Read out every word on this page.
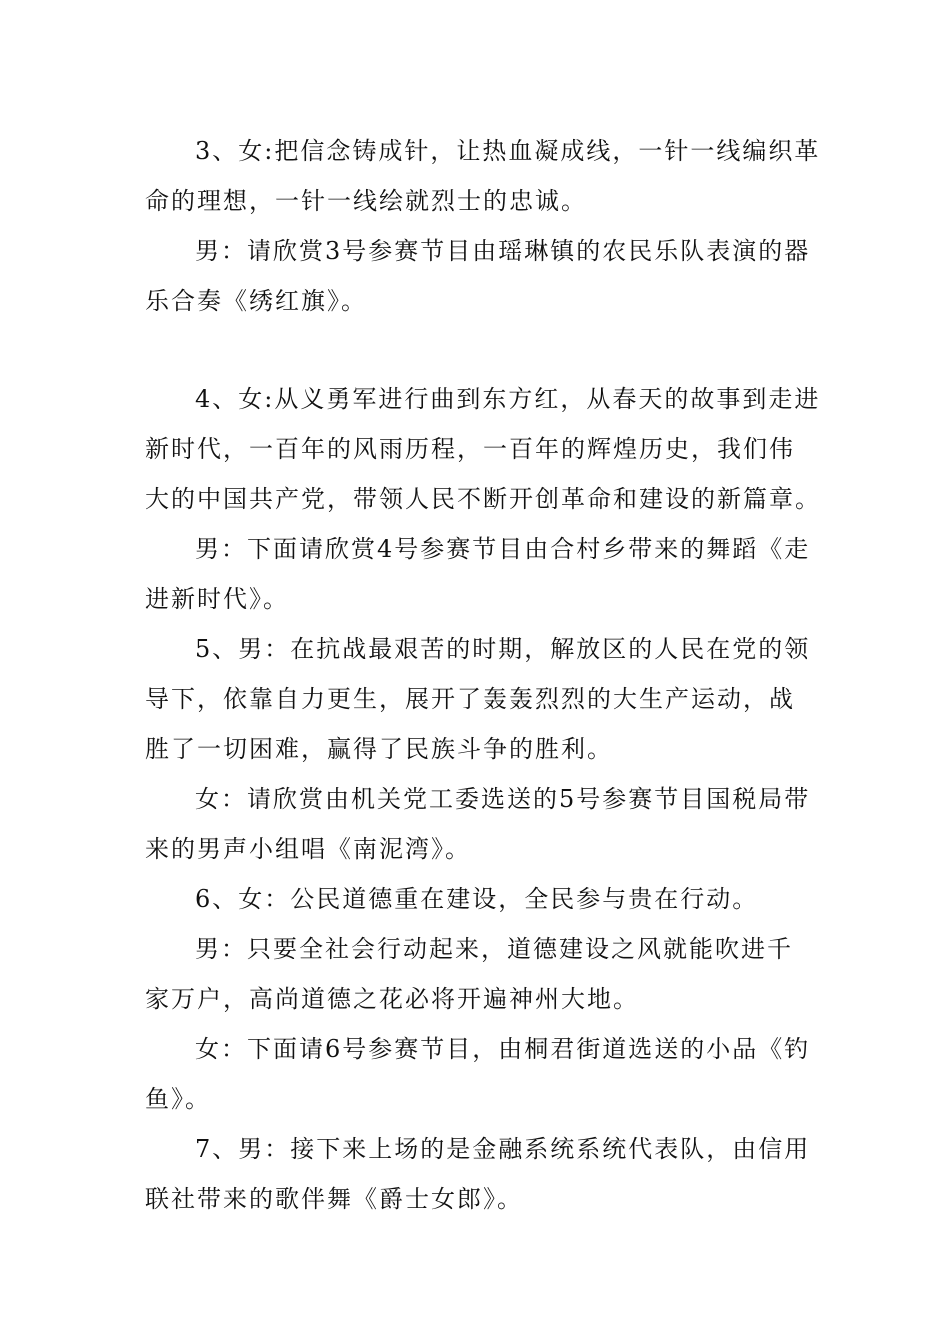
3、女:把信念铸成针，让热血凝成线，一针一线编织革
命的理想，一针一线绘就烈士的忠诚。
男：请欣赏3号参赛节目由瑶琳镇的农民乐队表演的器
乐合奏《绣红旗》。
4、女:从义勇军进行曲到东方红，从春天的故事到走进
新时代，一百年的风雨历程，一百年的辉煌历史，我们伟
大的中国共产党，带领人民不断开创革命和建设的新篇章。
男：下面请欣赏4号参赛节目由合村乡带来的舞蹈《走
进新时代》。
5、男：在抗战最艰苦的时期，解放区的人民在党的领
导下，依靠自力更生，展开了轰轰烈烈的大生产运动，战
胜了一切困难，赢得了民族斗争的胜利。
女：请欣赏由机关党工委选送的5号参赛节目国税局带
来的男声小组唱《南泥湾》。
6、女：公民道德重在建设，全民参与贵在行动。
男：只要全社会行动起来，道德建设之风就能吹进千
家万户，高尚道德之花必将开遍神州大地。
女：下面请6号参赛节目，由桐君街道选送的小品《钓
鱼》。
7、男：接下来上场的是金融系统系统代表队，由信用
联社带来的歌伴舞《爵士女郎》。
